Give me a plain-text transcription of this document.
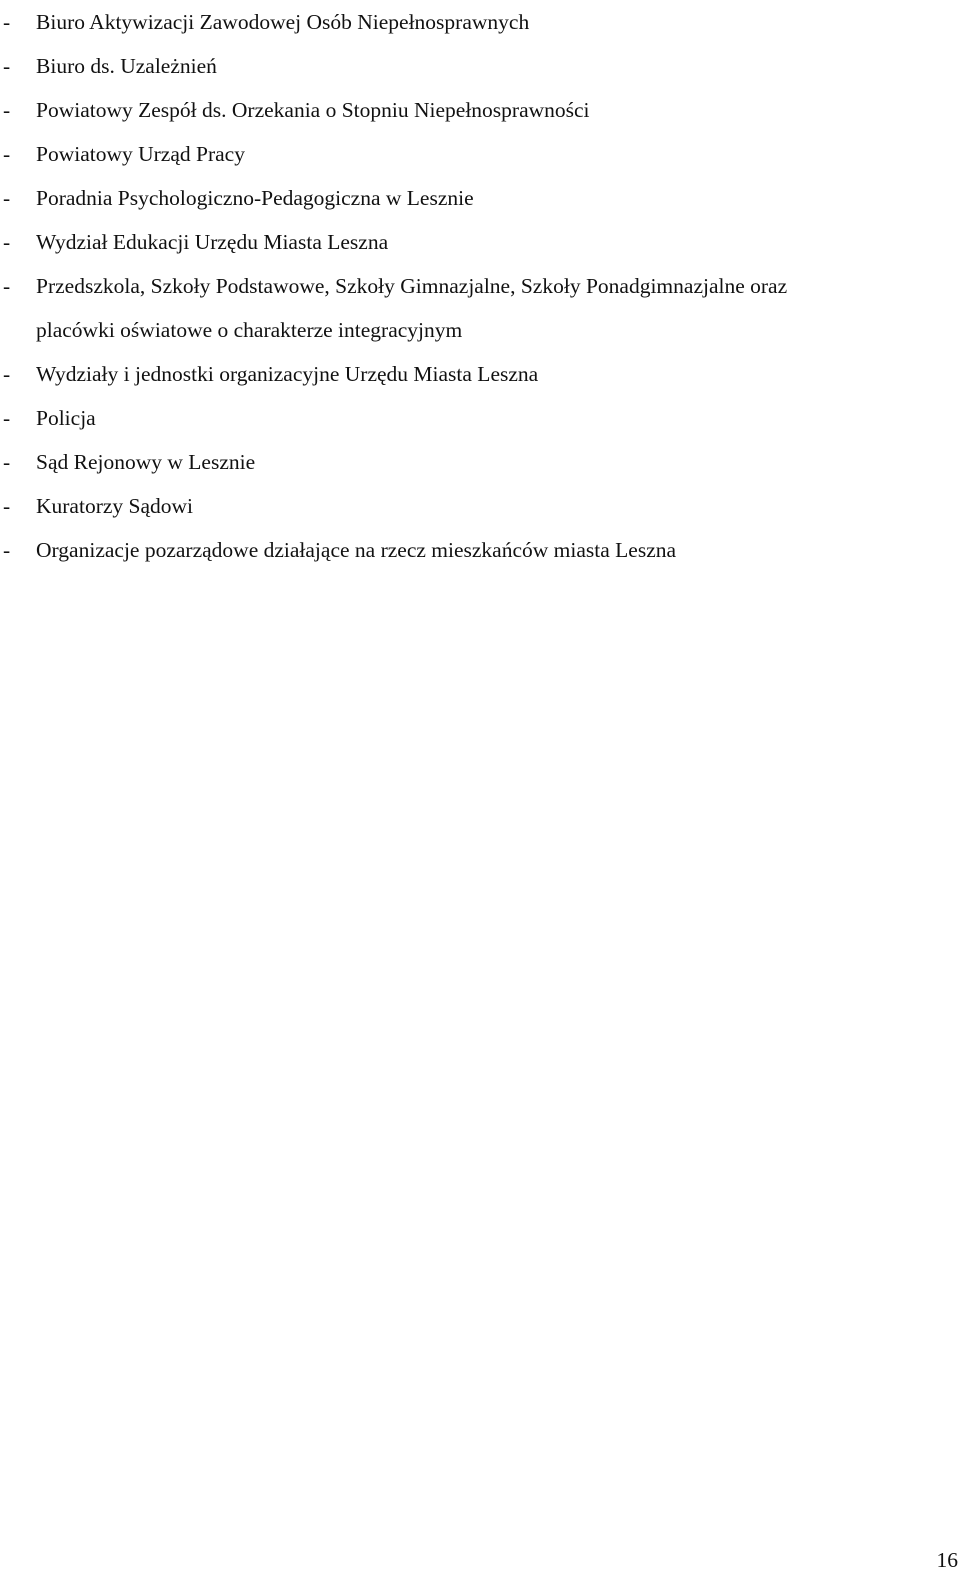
- Biuro Aktywizacji Zawodowej Osób Niepełnosprawnych
- Biuro ds. Uzależnień
- Powiatowy Zespół ds. Orzekania o Stopniu Niepełnosprawności
- Powiatowy Urząd Pracy
- Poradnia Psychologiczno-Pedagogiczna w Lesznie
- Wydział Edukacji Urzędu Miasta Leszna
- Przedszkola, Szkoły Podstawowe, Szkoły Gimnazjalne, Szkoły Ponadgimnazjalne oraz
placówki oświatowe o charakterze integracyjnym
- Wydziały i jednostki organizacyjne Urzędu Miasta Leszna
- Policja
- Sąd Rejonowy w Lesznie
- Kuratorzy Sądowi
- Organizacje pozarządowe działające na rzecz mieszkańców miasta Leszna
16
